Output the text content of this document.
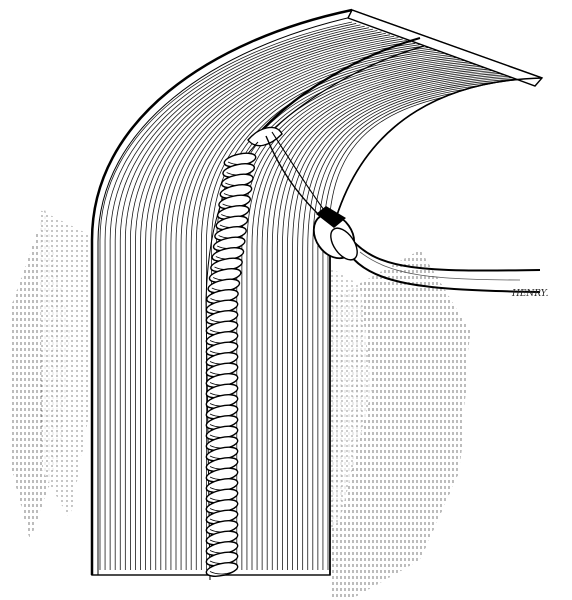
HENRY.
